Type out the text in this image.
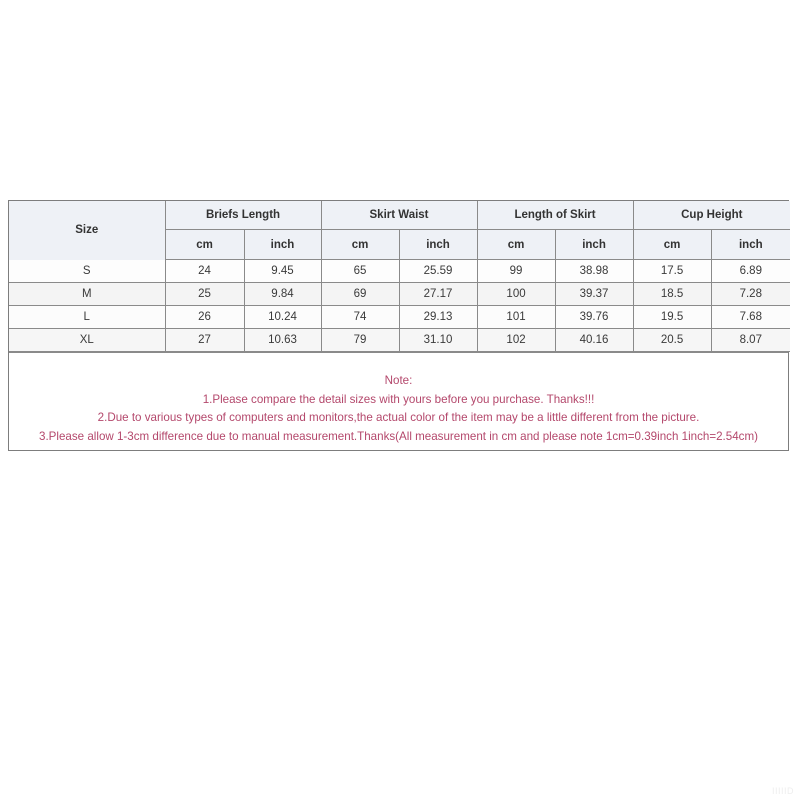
Size	Briefs Length		Skirt Waist		Length of Skirt		Cup Height	
	cm	inch	cm	inch	cm	inch	cm	inch
S	24	9.45	65	25.59	99	38.98	17.5	6.89
M	25	9.84	69	27.17	100	39.37	18.5	7.28
L	26	10.24	74	29.13	101	39.76	19.5	7.68
XL	27	10.63	79	31.10	102	40.16	20.5	8.07
Note:
1.Please compare the detail sizes with yours before you purchase. Thanks!!!
2.Due to various types of computers and monitors,the actual color of the item may be a little different from the picture.
3.Please allow 1-3cm difference due to manual measurement.Thanks(All measurement in cm and please note 1cm=0.39inch 1inch=2.54cm)
IIIIID
